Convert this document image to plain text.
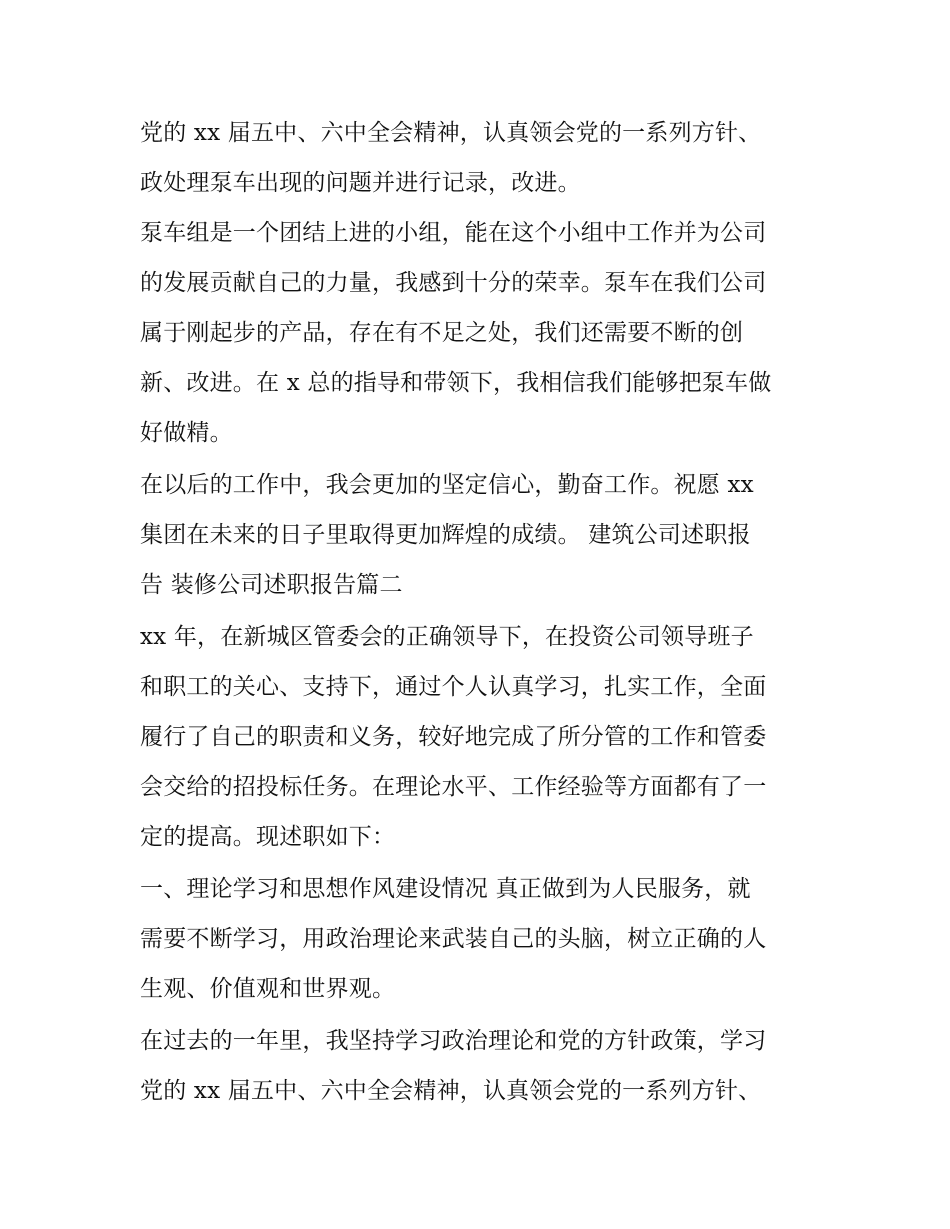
党的 xx 届五中、六中全会精神，认真领会党的一系列方针、
政处理泵车出现的问题并进行记录，改进。
泵车组是一个团结上进的小组，能在这个小组中工作并为公司
的发展贡献自己的力量，我感到十分的荣幸。泵车在我们公司
属于刚起步的产品，存在有不足之处，我们还需要不断的创
新、改进。在 x 总的指导和带领下，我相信我们能够把泵车做
好做精。
在以后的工作中，我会更加的坚定信心，勤奋工作。祝愿 xx
集团在未来的日子里取得更加辉煌的成绩。 建筑公司述职报
告 装修公司述职报告篇二
xx 年，在新城区管委会的正确领导下，在投资公司领导班子
和职工的关心、支持下，通过个人认真学习，扎实工作，全面
履行了自己的职责和义务，较好地完成了所分管的工作和管委
会交给的招投标任务。在理论水平、工作经验等方面都有了一
定的提高。现述职如下：
一、理论学习和思想作风建设情况 真正做到为人民服务，就
需要不断学习，用政治理论来武装自己的头脑，树立正确的人
生观、价值观和世界观。
在过去的一年里，我坚持学习政治理论和党的方针政策，学习
党的 xx 届五中、六中全会精神，认真领会党的一系列方针、
